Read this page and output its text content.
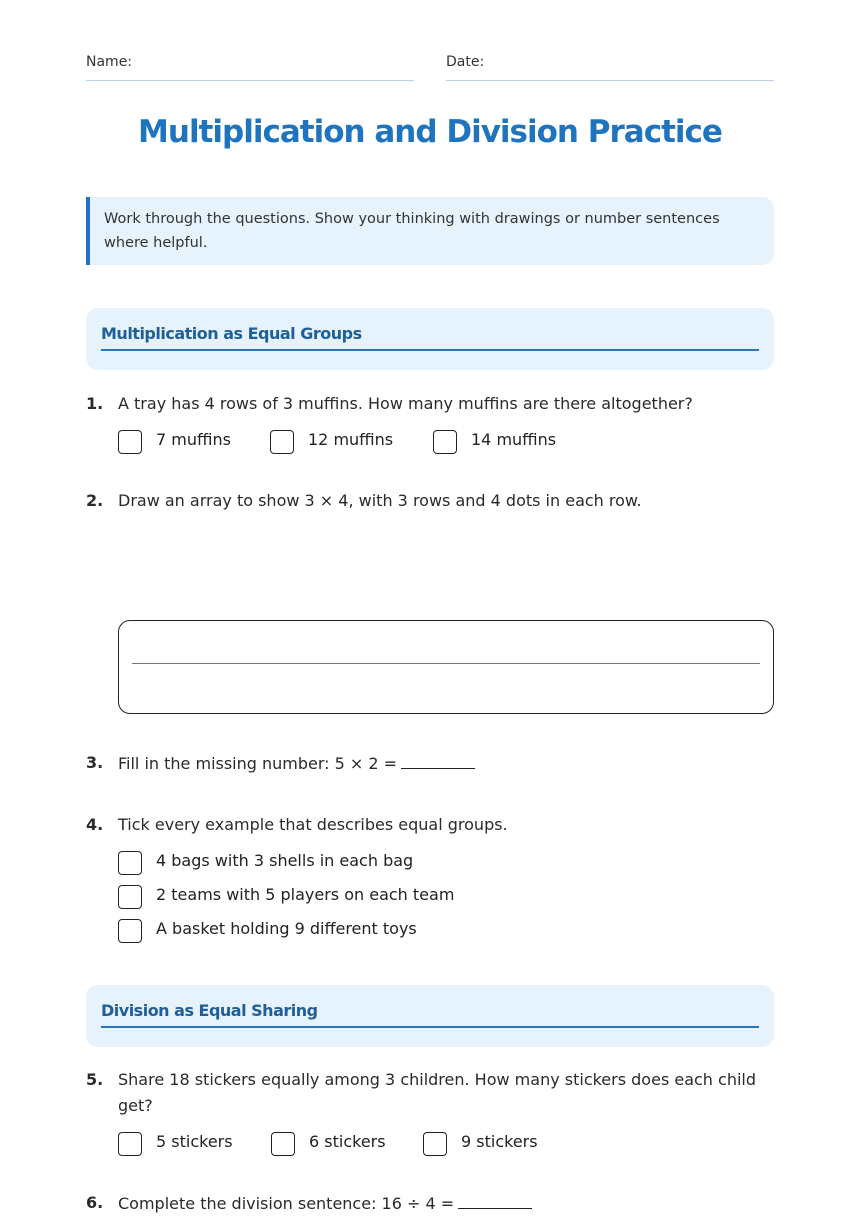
Name:	Date:
Multiplication and Division Practice
Work through the questions. Show your thinking with drawings or number sentences where helpful.
Multiplication as Equal Groups
1. A tray has 4 rows of 3 muffins. How many muffins are there altogether?
7 muffins	12 muffins	14 muffins
2. Draw an array to show 3 × 4, with 3 rows and 4 dots in each row.
3. Fill in the missing number: 5 × 2 =
4. Tick every example that describes equal groups.
4 bags with 3 shells in each bag
2 teams with 5 players on each team
A basket holding 9 different toys
Division as Equal Sharing
5. Share 18 stickers equally among 3 children. How many stickers does each child get?
5 stickers	6 stickers	9 stickers
6. Complete the division sentence: 16 ÷ 4 =
